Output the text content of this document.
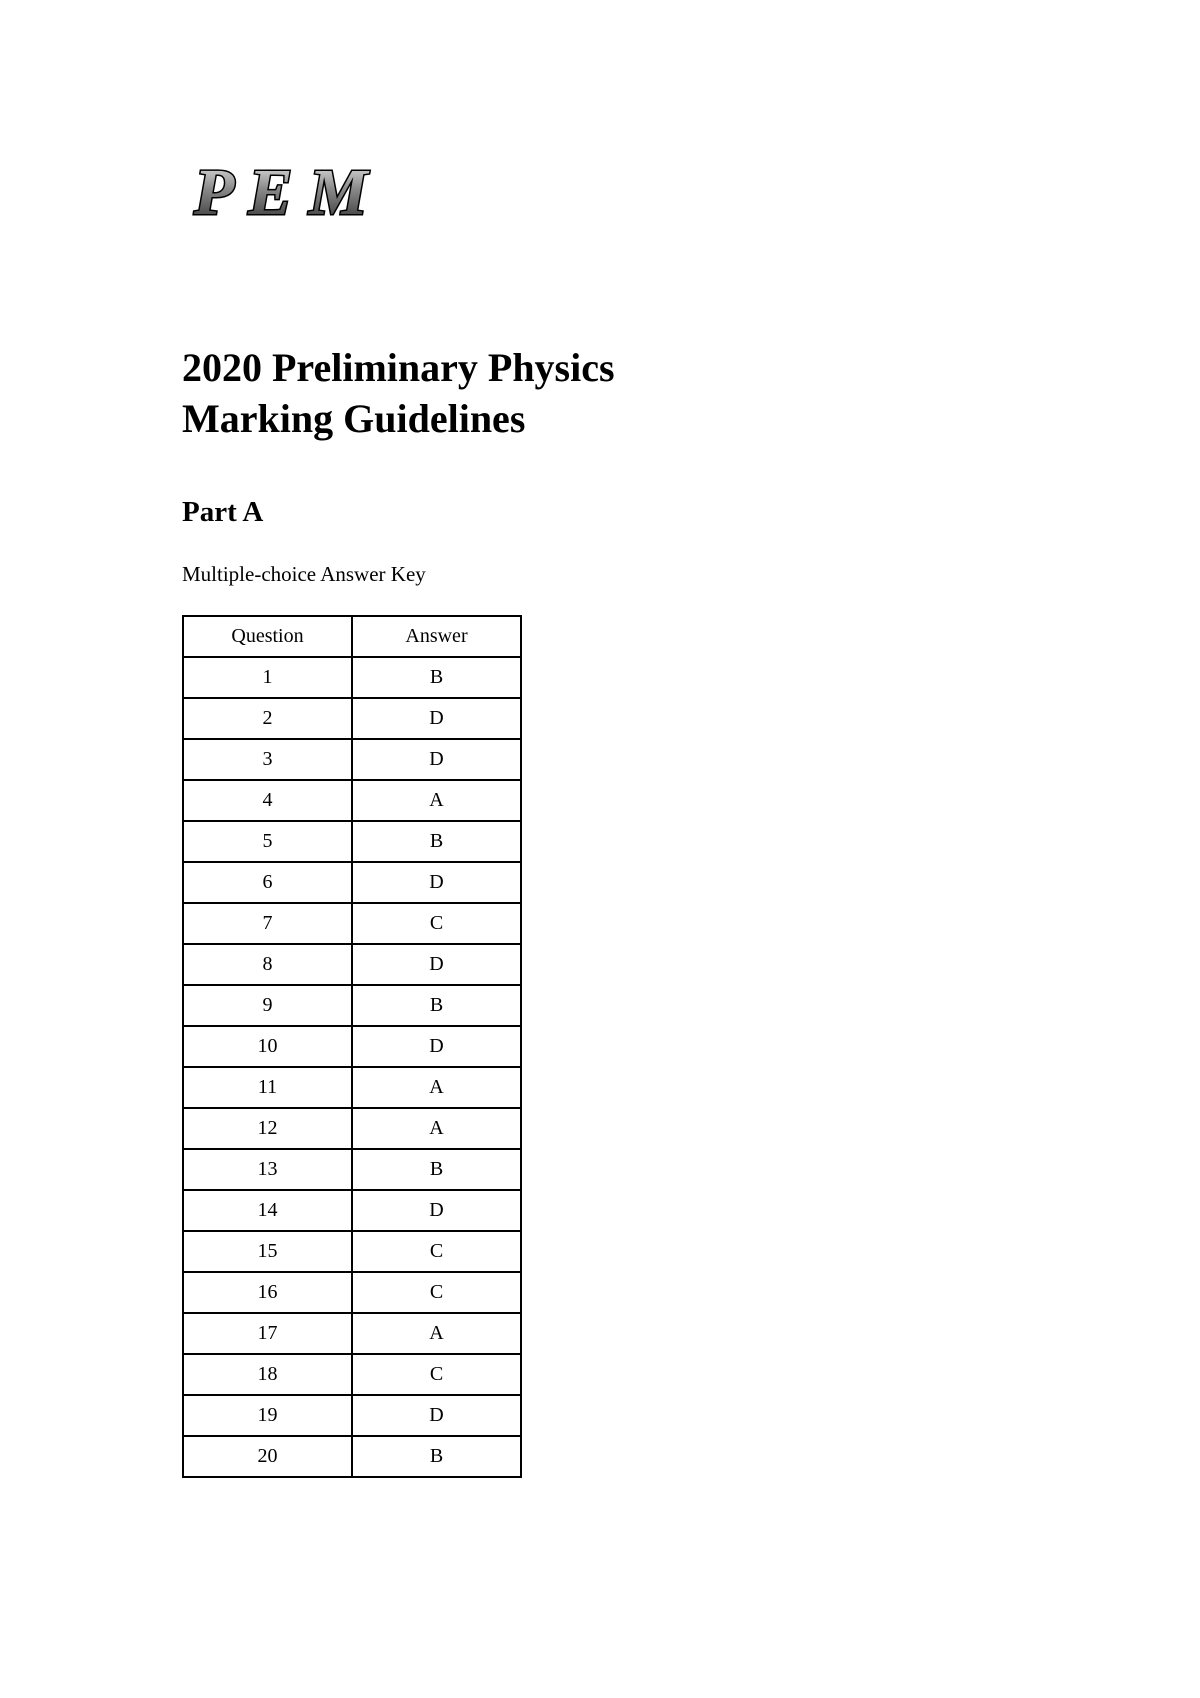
P E M
2020 Preliminary Physics
Marking Guidelines
Part A

Multiple-choice Answer Key

Question	Answer
1	B
2	D
3	D
4	A
5	B
6	D
7	C
8	D
9	B
10	D
11	A
12	A
13	B
14	D
15	C
16	C
17	A
18	C
19	D
20	B
